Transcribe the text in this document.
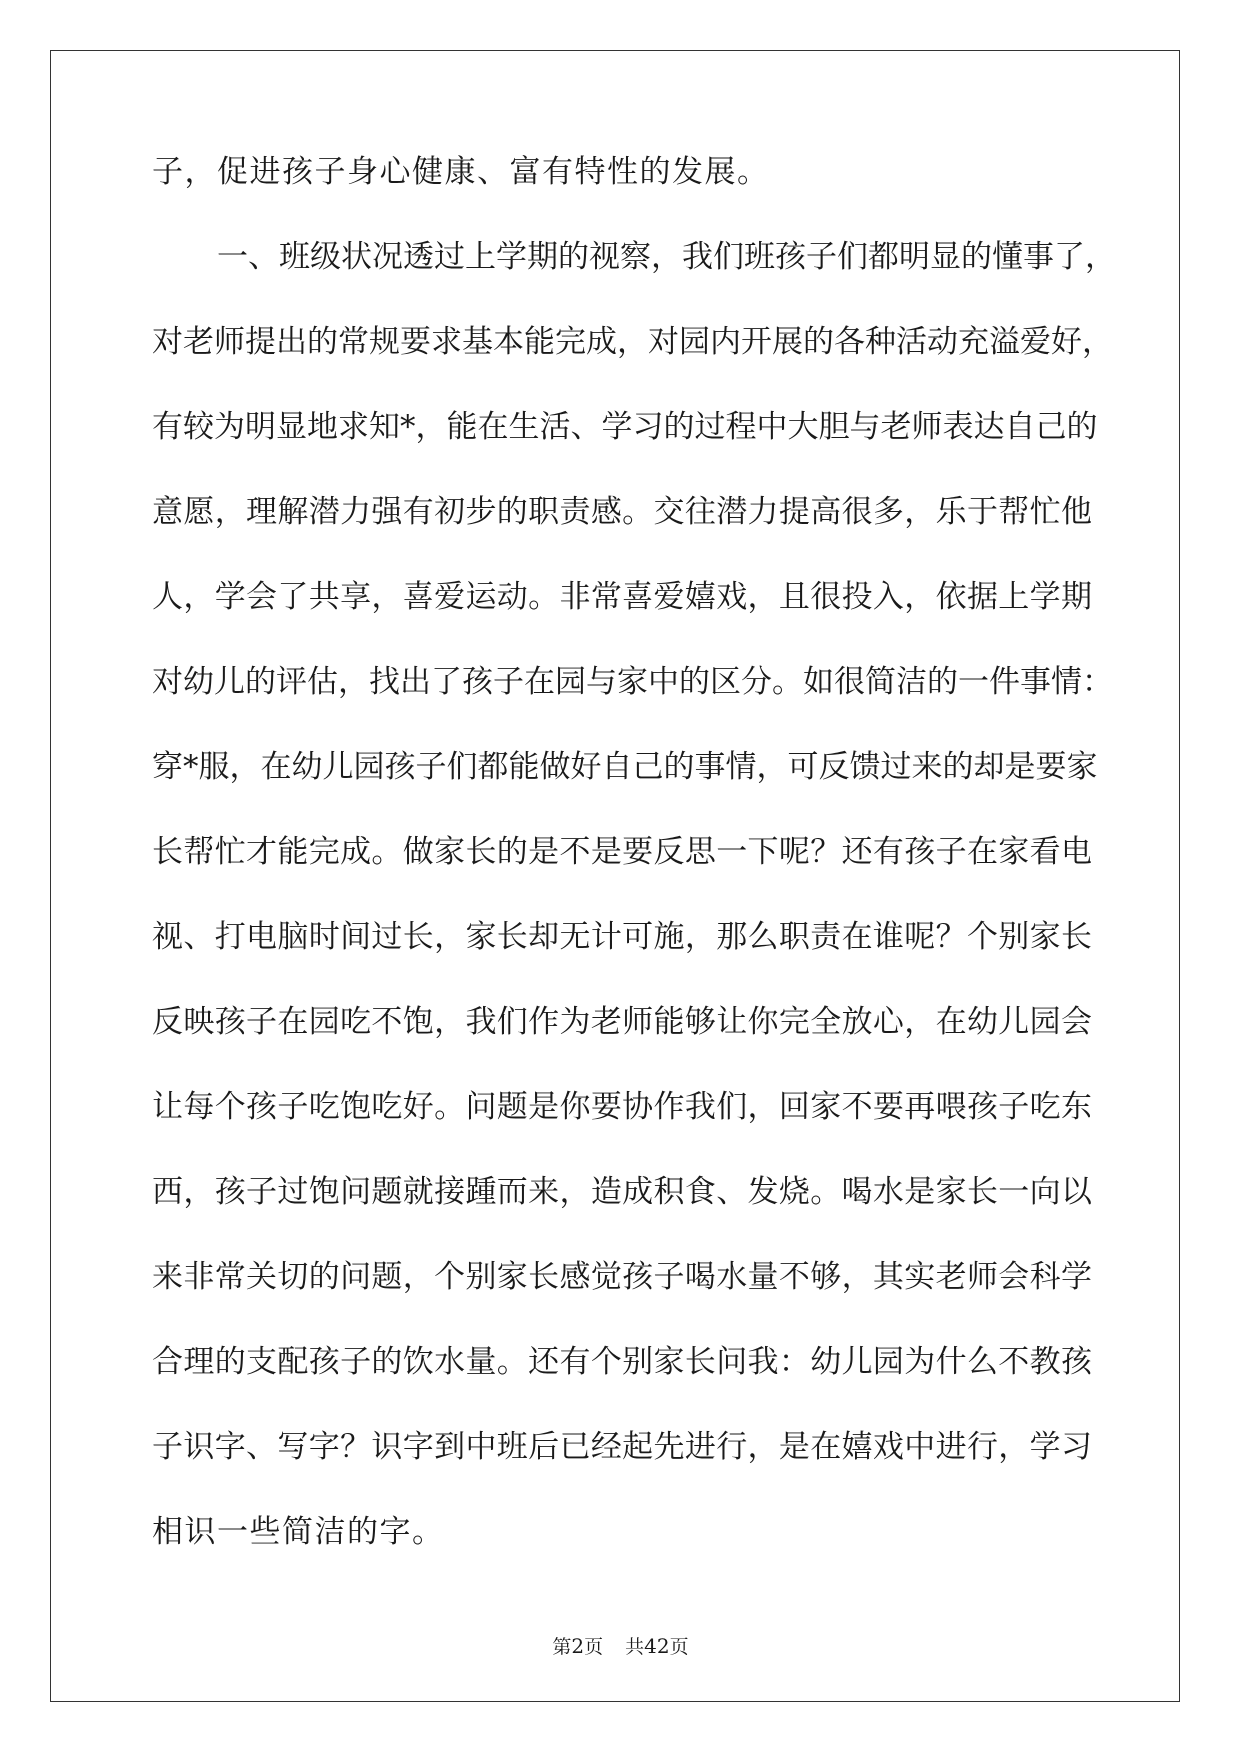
子，促进孩子身心健康、富有特性的发展。
一、班级状况透过上学期的视察，我们班孩子们都明显的懂事了，
对老师提出的常规要求基本能完成，对园内开展的各种活动充溢爱好，
有较为明显地求知*，能在生活、学习的过程中大胆与老师表达自己的
意愿，理解潜力强有初步的职责感。交往潜力提高很多，乐于帮忙他
人，学会了共享，喜爱运动。非常喜爱嬉戏，且很投入，依据上学期
对幼儿的评估，找出了孩子在园与家中的区分。如很简洁的一件事情：
穿*服，在幼儿园孩子们都能做好自己的事情，可反馈过来的却是要家
长帮忙才能完成。做家长的是不是要反思一下呢？还有孩子在家看电
视、打电脑时间过长，家长却无计可施，那么职责在谁呢？个别家长
反映孩子在园吃不饱，我们作为老师能够让你完全放心，在幼儿园会
让每个孩子吃饱吃好。问题是你要协作我们，回家不要再喂孩子吃东
西，孩子过饱问题就接踵而来，造成积食、发烧。喝水是家长一向以
来非常关切的问题，个别家长感觉孩子喝水量不够，其实老师会科学
合理的支配孩子的饮水量。还有个别家长问我：幼儿园为什么不教孩
子识字、写字？识字到中班后已经起先进行，是在嬉戏中进行，学习
相识一些简洁的字。
第2页 共42页
